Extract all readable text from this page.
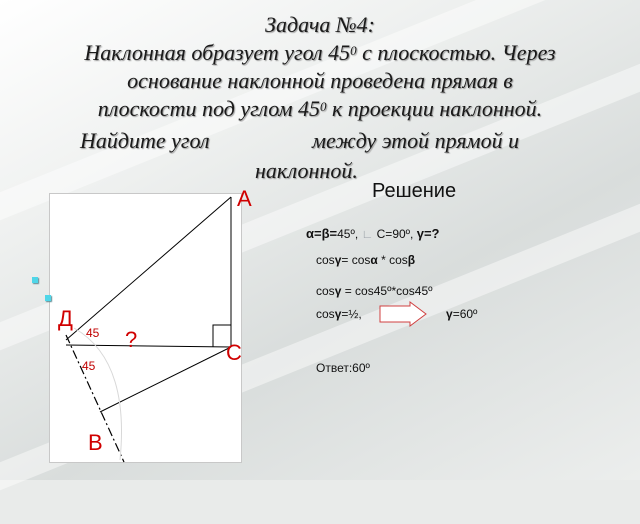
Задача №4:
Наклонная образует угол $45^0$ с плоскостью. Через
основание наклонной проведена прямая в
плоскости под углом $45^0$ к проекции наклонной.
Найдите угол	между этой прямой и
наклонной.
А
Д
С
В
?
45
45
Решение
α=β=45º, ∟ С=90º, γ=?
cosγ= cosα * cosβ
cosγ = cos45º*cos45º
cosγ=½,	γ=60º
Ответ:60º
